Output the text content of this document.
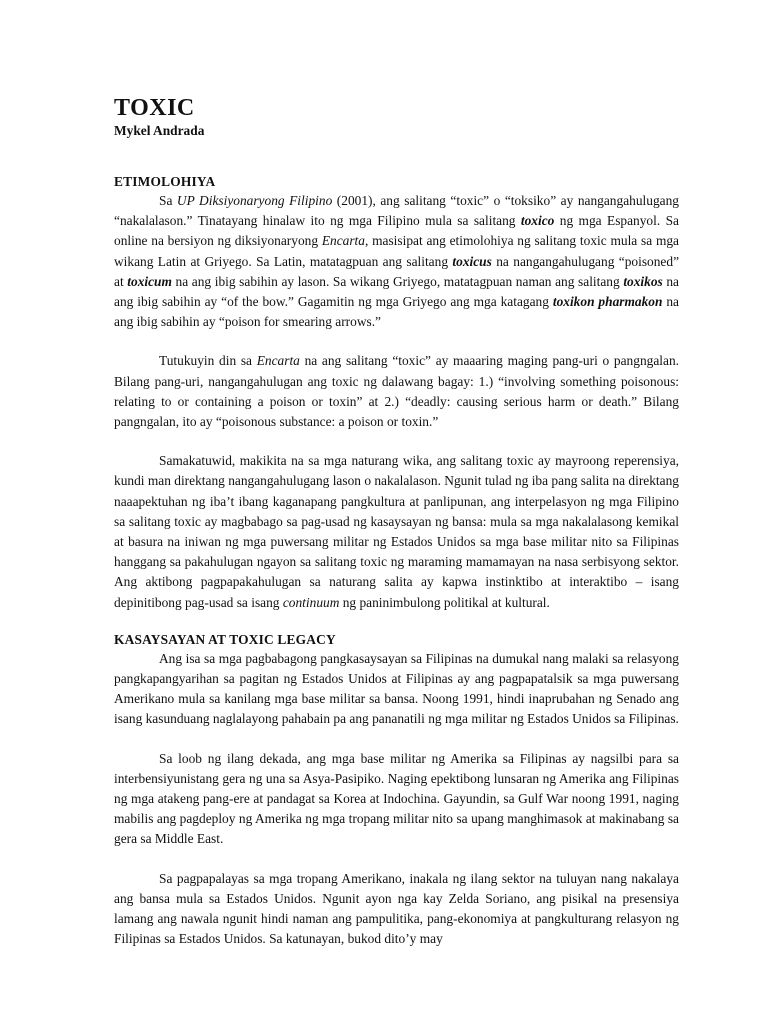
TOXIC
Mykel Andrada
ETIMOLOHIYA

Sa UP Diksiyonaryong Filipino (2001), ang salitang “toxic” o “toksiko” ay nangangahulugang “nakalalason.” Tinatayang hinalaw ito ng mga Filipino mula sa salitang toxico ng mga Espanyol. Sa online na bersiyon ng diksiyonaryong Encarta, masisipat ang etimolohiya ng salitang toxic mula sa mga wikang Latin at Griyego. Sa Latin, matatagpuan ang salitang toxicus na nangangahulugang “poisoned” at toxicum na ang ibig sabihin ay lason. Sa wikang Griyego, matatagpuan naman ang salitang toxikos na ang ibig sabihin ay “of the bow.” Gagamitin ng mga Griyego ang mga katagang toxikon pharmakon na ang ibig sabihin ay “poison for smearing arrows.”

Tutukuyin din sa Encarta na ang salitang “toxic” ay maaaring maging pang-uri o pangngalan. Bilang pang-uri, nangangahulugan ang toxic ng dalawang bagay: 1.) “involving something poisonous: relating to or containing a poison or toxin” at 2.) “deadly: causing serious harm or death.” Bilang pangngalan, ito ay “poisonous substance: a poison or toxin.”

Samakatuwid, makikita na sa mga naturang wika, ang salitang toxic ay mayroong reperensiya, kundi man direktang nangangahulugang lason o nakalalason. Ngunit tulad ng iba pang salita na direktang naaapektuhan ng iba’t ibang kaganapang pangkultura at panlipunan, ang interpelasyon ng mga Filipino sa salitang toxic ay magbabago sa pag-usad ng kasaysayan ng bansa: mula sa mga nakalalasong kemikal at basura na iniwan ng mga puwersang militar ng Estados Unidos sa mga base militar nito sa Filipinas hanggang sa pakahulugan ngayon sa salitang toxic ng maraming mamamayan na nasa serbisyong sektor. Ang aktibong pagpapakahulugan sa naturang salita ay kapwa instinktibo at interaktibo – isang depinitibong pag-usad sa isang continuum ng paninimbulong politikal at kultural.

KASAYSAYAN AT TOXIC LEGACY

Ang isa sa mga pagbabagong pangkasaysayan sa Filipinas na dumukal nang malaki sa relasyong pangkapangyarihan sa pagitan ng Estados Unidos at Filipinas ay ang pagpapatalsik sa mga puwersang Amerikano mula sa kanilang mga base militar sa bansa. Noong 1991, hindi inaprubahan ng Senado ang isang kasunduang naglalayong pahabain pa ang pananatili ng mga militar ng Estados Unidos sa Filipinas.

Sa loob ng ilang dekada, ang mga base militar ng Amerika sa Filipinas ay nagsilbi para sa interbensiyunistang gera ng una sa Asya-Pasipiko. Naging epektibong lunsaran ng Amerika ang Filipinas ng mga atakeng pang-ere at pandagat sa Korea at Indochina. Gayundin, sa Gulf War noong 1991, naging mabilis ang pagdeploy ng Amerika ng mga tropang militar nito sa upang manghimasok at makinabang sa gera sa Middle East.

Sa pagpapalayas sa mga tropang Amerikano, inakala ng ilang sektor na tuluyan nang nakalaya ang bansa mula sa Estados Unidos. Ngunit ayon nga kay Zelda Soriano, ang pisikal na presensiya lamang ang nawala ngunit hindi naman ang pampulitika, pang-ekonomiya at pangkulturang relasyon ng Filipinas sa Estados Unidos. Sa katunayan, bukod dito’y may
